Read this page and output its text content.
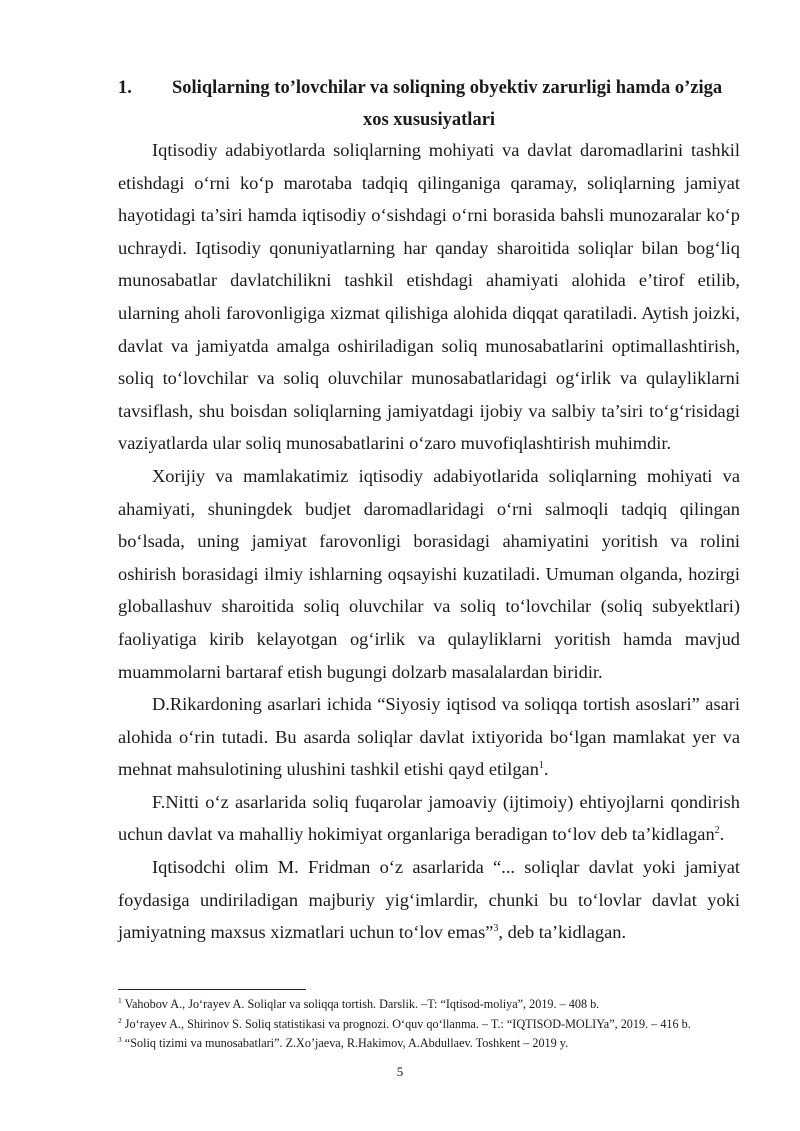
1. Soliqlarning to’lovchilar va soliqning obyektiv zarurligi hamda o’ziga
xos xususiyatlari

Iqtisodiy adabiyotlarda soliqlarning mohiyati va davlat daromadlarini tashkil etishdagi o‘rni ko‘p marotaba tadqiq qilinganiga qaramay, soliqlarning jamiyat hayotidagi ta’siri hamda iqtisodiy o‘sishdagi o‘rni borasida bahsli munozaralar ko‘p uchraydi. Iqtisodiy qonuniyatlarning har qanday sharoitida soliqlar bilan bog‘liq munosabatlar davlatchilikni tashkil etishdagi ahamiyati alohida e’tirof etilib, ularning aholi farovonligiga xizmat qilishiga alohida diqqat qaratiladi. Aytish joizki, davlat va jamiyatda amalga oshiriladigan soliq munosabatlarini optimallashtirish, soliq to‘lovchilar va soliq oluvchilar munosabatlaridagi og‘irlik va qulayliklarni tavsiflash, shu boisdan soliqlarning jamiyatdagi ijobiy va salbiy ta’siri to‘g‘risidagi vaziyatlarda ular soliq munosabatlarini o‘zaro muvofiqlashtirish muhimdir.

Xorijiy va mamlakatimiz iqtisodiy adabiyotlarida soliqlarning mohiyati va ahamiyati, shuningdek budjet daromadlaridagi o‘rni salmoqli tadqiq qilingan bo‘lsada, uning jamiyat farovonligi borasidagi ahamiyatini yoritish va rolini oshirish borasidagi ilmiy ishlarning oqsayishi kuzatiladi. Umuman olganda, hozirgi globallashuv sharoitida soliq oluvchilar va soliq to‘lovchilar (soliq subyektlari) faoliyatiga kirib kelayotgan og‘irlik va qulayliklarni yoritish hamda mavjud muammolarni bartaraf etish bugungi dolzarb masalalardan biridir.

D.Rikardoning asarlari ichida “Siyosiy iqtisod va soliqqa tortish asoslari” asari alohida o‘rin tutadi. Bu asarda soliqlar davlat ixtiyorida bo‘lgan mamlakat yer va mehnat mahsulotining ulushini tashkil etishi qayd etilgan$^1$.

F.Nitti o‘z asarlarida soliq fuqarolar jamoaviy (ijtimoiy) ehtiyojlarni qondirish uchun davlat va mahalliy hokimiyat organlariga beradigan to‘lov deb ta’kidlagan$^2$.

Iqtisodchi olim M. Fridman o‘z asarlarida “... soliqlar davlat yoki jamiyat foydasiga undiriladigan majburiy yig‘imlardir, chunki bu to‘lovlar davlat yoki jamiyatning maxsus xizmatlari uchun to‘lov emas”$^3$, deb ta’kidlagan.

$^1$ Vahobov A., Jo‘rayev A. Soliqlar va soliqqa tortish. Darslik. –T: “Iqtisod-moliya”, 2019. – 408 b.
$^2$ Jo‘rayev A., Shirinov S. Soliq statistikasi va prognozi. O‘quv qo‘llanma. – T.: “IQTISOD-MOLIYa”, 2019. – 416 b.
$^3$ “Soliq tizimi va munosabatlari”. Z.Xo’jaeva, R.Hakimov, A.Abdullaev. Toshkent – 2019 y.
5
